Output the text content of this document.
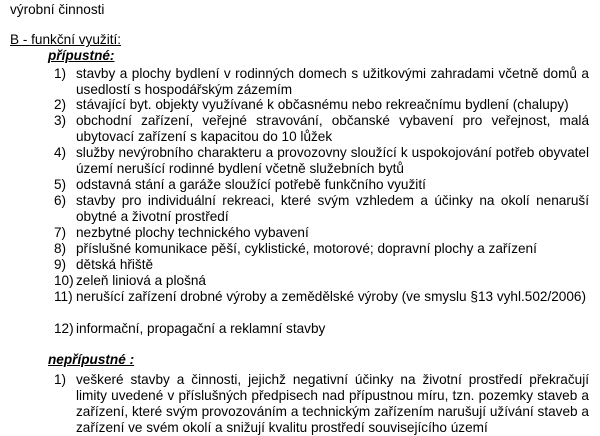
výrobní činnosti
B - funkční využití:
přípustné:
1) stavby a plochy bydlení v rodinných domech s užitkovými zahradami včetně domů a usedlostí s hospodářským zázemím
2) stávající byt. objekty využívané k občasnému nebo rekreačnímu bydlení (chalupy)
3) obchodní zařízení, veřejné stravování, občanské vybavení pro veřejnost, malá ubytovací zařízení s kapacitou do 10 lůžek
4) služby nevýrobního charakteru a provozovny sloužící k uspokojování potřeb obyvatel území nerušící rodinné bydlení včetně služebních bytů
5) odstavná stání a garáže sloužící potřebě funkčního využití
6) stavby pro individuální rekreaci, které svým vzhledem a účinky na okolí nenaruší obytné a životní prostředí
7) nezbytné plochy technického vybavení
8) příslušné komunikace pěší, cyklistické, motorové; dopravní plochy a zařízení
9) dětská hřiště
10) zeleň liniová a plošná
11) nerušící zařízení drobné výroby a zemědělské výroby (ve smyslu §13 vyhl.502/2006)
12) informační, propagační a reklamní stavby
nepřípustné :
1) veškeré stavby a činnosti, jejichž negativní účinky na životní prostředí překračují limity uvedené v příslušných předpisech nad přípustnou míru, tzn. pozemky staveb a zařízení, které svým provozováním a technickým zařízením narušují užívání staveb a zařízení ve svém okolí a snižují kvalitu prostředí souvisejícího území
